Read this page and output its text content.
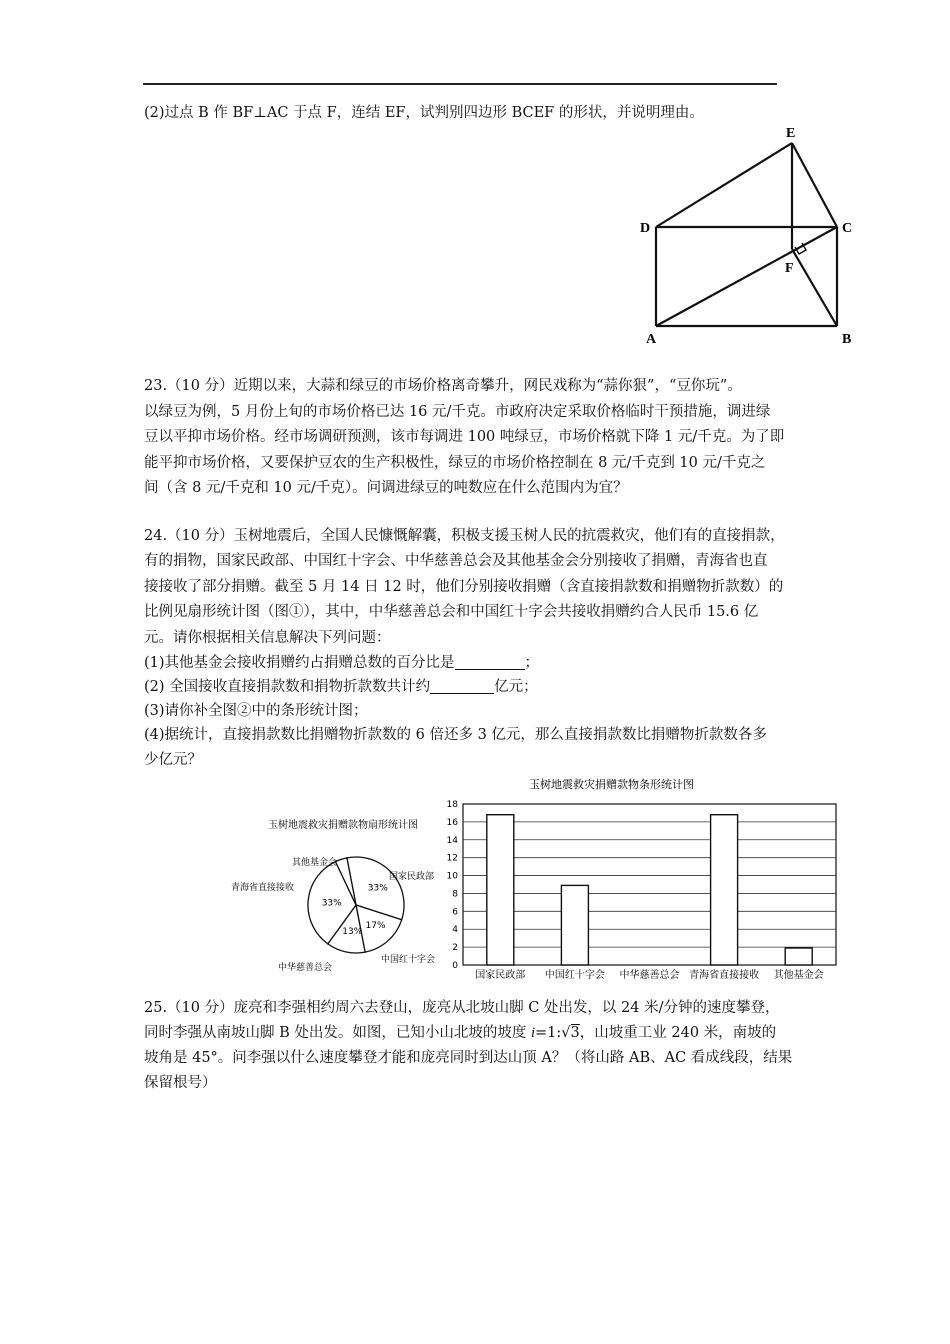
(2)过点 B 作 BF⊥AC 于点 F，连结 EF，试判别四边形 BCEF 的形状，并说明理由。
E
D	C
F
A	B
23.（10 分）近期以来，大蒜和绿豆的市场价格离奇攀升，网民戏称为“蒜你狠”，“豆你玩”。
以绿豆为例，5 月份上旬的市场价格已达 16 元/千克。市政府决定采取价格临时干预措施，调进绿
豆以平抑市场价格。经市场调研预测，该市每调进 100 吨绿豆，市场价格就下降 1 元/千克。为了即
能平抑市场价格，又要保护豆农的生产积极性，绿豆的市场价格控制在 8 元/千克到 10 元/千克之
间（含 8 元/千克和 10 元/千克）。问调进绿豆的吨数应在什么范围内为宜？
24.（10 分）玉树地震后，全国人民慷慨解囊，积极支援玉树人民的抗震救灾，他们有的直接捐款，
有的捐物，国家民政部、中国红十字会、中华慈善总会及其他基金会分别接收了捐赠，青海省也直
接接收了部分捐赠。截至 5 月 14 日 12 时，他们分别接收捐赠（含直接捐款数和捐赠物折款数）的
比例见扇形统计图（图①），其中，中华慈善总会和中国红十字会共接收捐赠约合人民币 15.6 亿
元。请你根据相关信息解决下列问题：
(1)其他基金会接收捐赠约占捐赠总数的百分比是	；
(2) 全国接收直接捐款数和捐物折款数共计约	亿元；
(3)请你补全图②中的条形统计图；
(4)据统计，直接捐款数比捐赠物折款数的 6 倍还多 3 亿元，那么直接捐款数比捐赠物折款数各多
少亿元？
玉树地震救灾捐赠款物扇形统计图
33%
国家民政部
17%
中国红十字会
13%
中华慈善总会
33%
青海省直接接收
其他基金会
玉树地震救灾捐赠款物条形统计图
0
2
4
6
8
10
12
14
16
18
国家民政部 中国红十字会 中华慈善总会 青海省直接接收 其他基金会
25.（10 分）庞亮和李强相约周六去登山，庞亮从北坡山脚 C 处出发，以 24 米/分钟的速度攀登，
同时李强从南坡山脚 B 处出发。如图，已知小山北坡的坡度 i=1:√3，山坡重工业 240 米，南坡的
坡角是 45°。问李强以什么速度攀登才能和庞亮同时到达山顶 A？（将山路 AB、AC 看成线段，结果
保留根号）
